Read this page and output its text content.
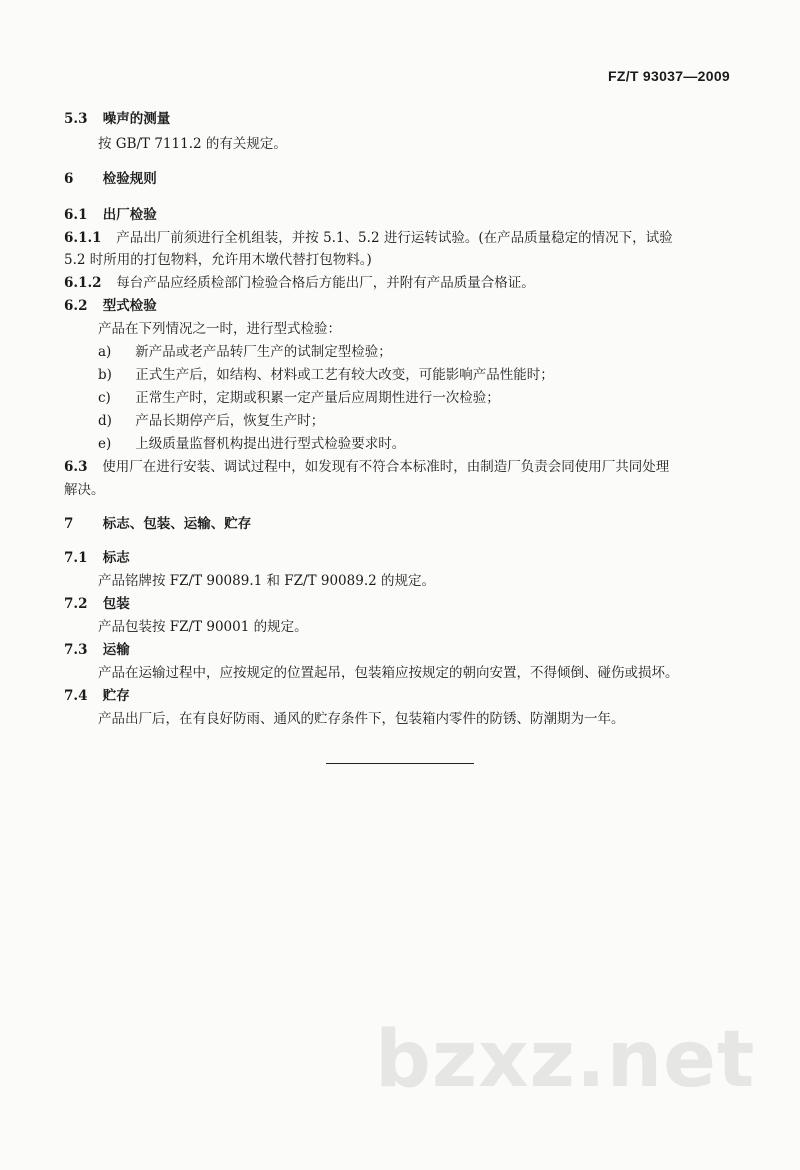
FZ/T 93037—2009
5.3 噪声的测量
按 GB/T 7111.2 的有关规定。
6 检验规则
6.1 出厂检验
6.1.1 产品出厂前须进行全机组装，并按 5.1、5.2 进行运转试验。(在产品质量稳定的情况下，试验
5.2 时所用的打包物料，允许用木墩代替打包物料。)
6.1.2 每台产品应经质检部门检验合格后方能出厂，并附有产品质量合格证。
6.2 型式检验
产品在下列情况之一时，进行型式检验：
a) 新产品或老产品转厂生产的试制定型检验；
b) 正式生产后，如结构、材料或工艺有较大改变，可能影响产品性能时；
c) 正常生产时，定期或积累一定产量后应周期性进行一次检验；
d) 产品长期停产后，恢复生产时；
e) 上级质量监督机构提出进行型式检验要求时。
6.3 使用厂在进行安装、调试过程中，如发现有不符合本标准时，由制造厂负责会同使用厂共同处理
解决。
7 标志、包装、运输、贮存
7.1 标志
产品铭牌按 FZ/T 90089.1 和 FZ/T 90089.2 的规定。
7.2 包装
产品包装按 FZ/T 90001 的规定。
7.3 运输
产品在运输过程中，应按规定的位置起吊，包装箱应按规定的朝向安置，不得倾倒、碰伤或损坏。
7.4 贮存
产品出厂后，在有良好防雨、通风的贮存条件下，包装箱内零件的防锈、防潮期为一年。
bzxz.net
